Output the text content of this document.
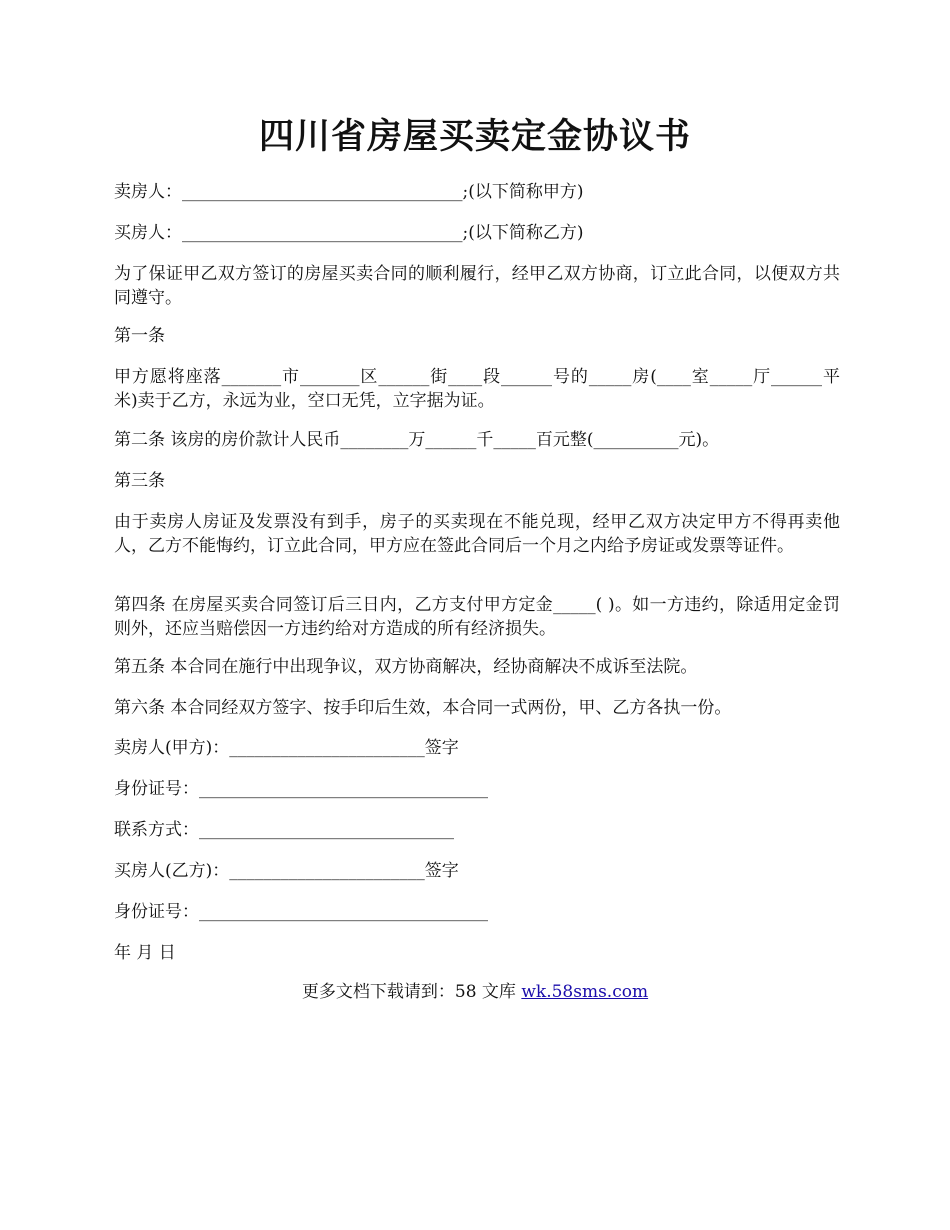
四川省房屋买卖定金协议书

卖房人：_________________________________;(以下简称甲方)

买房人：_________________________________;(以下简称乙方)

为了保证甲乙双方签订的房屋买卖合同的顺利履行，经甲乙双方协商，订立此合同，以便双方共同遵守。

第一条

甲方愿将座落_______市_______区______街____段______号的_____房(____室_____厅______平米)卖于乙方，永远为业，空口无凭，立字据为证。

第二条 该房的房价款计人民币________万______千_____百元整(__________元)。

第三条

由于卖房人房证及发票没有到手，房子的买卖现在不能兑现，经甲乙双方决定甲方不得再卖他人，乙方不能悔约，订立此合同，甲方应在签此合同后一个月之内给予房证或发票等证件。

第四条 在房屋买卖合同签订后三日内，乙方支付甲方定金_____( )。如一方违约，除适用定金罚则外，还应当赔偿因一方违约给对方造成的所有经济损失。

第五条 本合同在施行中出现争议，双方协商解决，经协商解决不成诉至法院。

第六条 本合同经双方签字、按手印后生效，本合同一式两份，甲、乙方各执一份。

卖房人(甲方)：_______________________签字

身份证号：__________________________________

联系方式：______________________________

买房人(乙方)：_______________________签字

身份证号：__________________________________

年 月 日

更多文档下载请到：58 文库 wk.58sms.com
